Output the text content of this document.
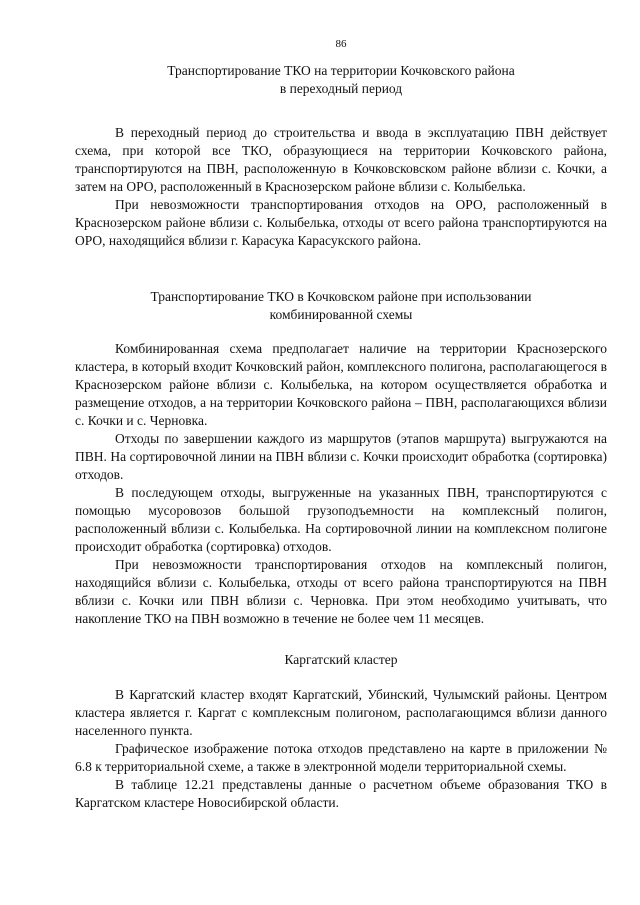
86

Транспортирование ТКО на территории Кочковского района

в переходный период

В переходный период до строительства и ввода в эксплуатацию ПВН действует схема, при которой все ТКО, образующиеся на территории Кочковского района, транспортируются на ПВН, расположенную в Кочковсковском районе вблизи с. Кочки, а затем на ОРО, расположенный в Краснозерском районе вблизи с. Колыбелька.

При невозможности транспортирования отходов на ОРО, расположенный в Краснозерском районе вблизи с. Колыбелька, отходы от всего района транспортируются на ОРО, находящийся вблизи г. Карасука Карасукского района.

Транспортирование ТКО в Кочковском районе при использовании

комбинированной схемы

Комбинированная схема предполагает наличие на территории Краснозерского кластера, в который входит Кочковский район, комплексного полигона, располагающегося в Краснозерском районе вблизи с. Колыбелька, на котором осуществляется обработка и размещение отходов, а на территории Кочковского района – ПВН, располагающихся вблизи с. Кочки и с. Черновка.

Отходы по завершении каждого из маршрутов (этапов маршрута) выгружаются на ПВН. На сортировочной линии на ПВН вблизи с. Кочки происходит обработка (сортировка) отходов.

В последующем отходы, выгруженные на указанных ПВН, транспортируются с помощью мусоровозов большой грузоподъемности на комплексный полигон, расположенный вблизи с. Колыбелька. На сортировочной линии на комплексном полигоне происходит обработка (сортировка) отходов.

При невозможности транспортирования отходов на комплексный полигон, находящийся вблизи с. Колыбелька, отходы от всего района транспортируются на ПВН вблизи с. Кочки или ПВН вблизи с. Черновка. При этом необходимо учитывать, что накопление ТКО на ПВН возможно в течение не более чем 11 месяцев.

Каргатский кластер

В Каргатский кластер входят Каргатский, Убинский, Чулымский районы. Центром кластера является г. Каргат с комплексным полигоном, располагающимся вблизи данного населенного пункта.

Графическое изображение потока отходов представлено на карте в приложении № 6.8 к территориальной схеме, а также в электронной модели территориальной схемы.

В таблице 12.21 представлены данные о расчетном объеме образования ТКО в Каргатском кластере Новосибирской области.
